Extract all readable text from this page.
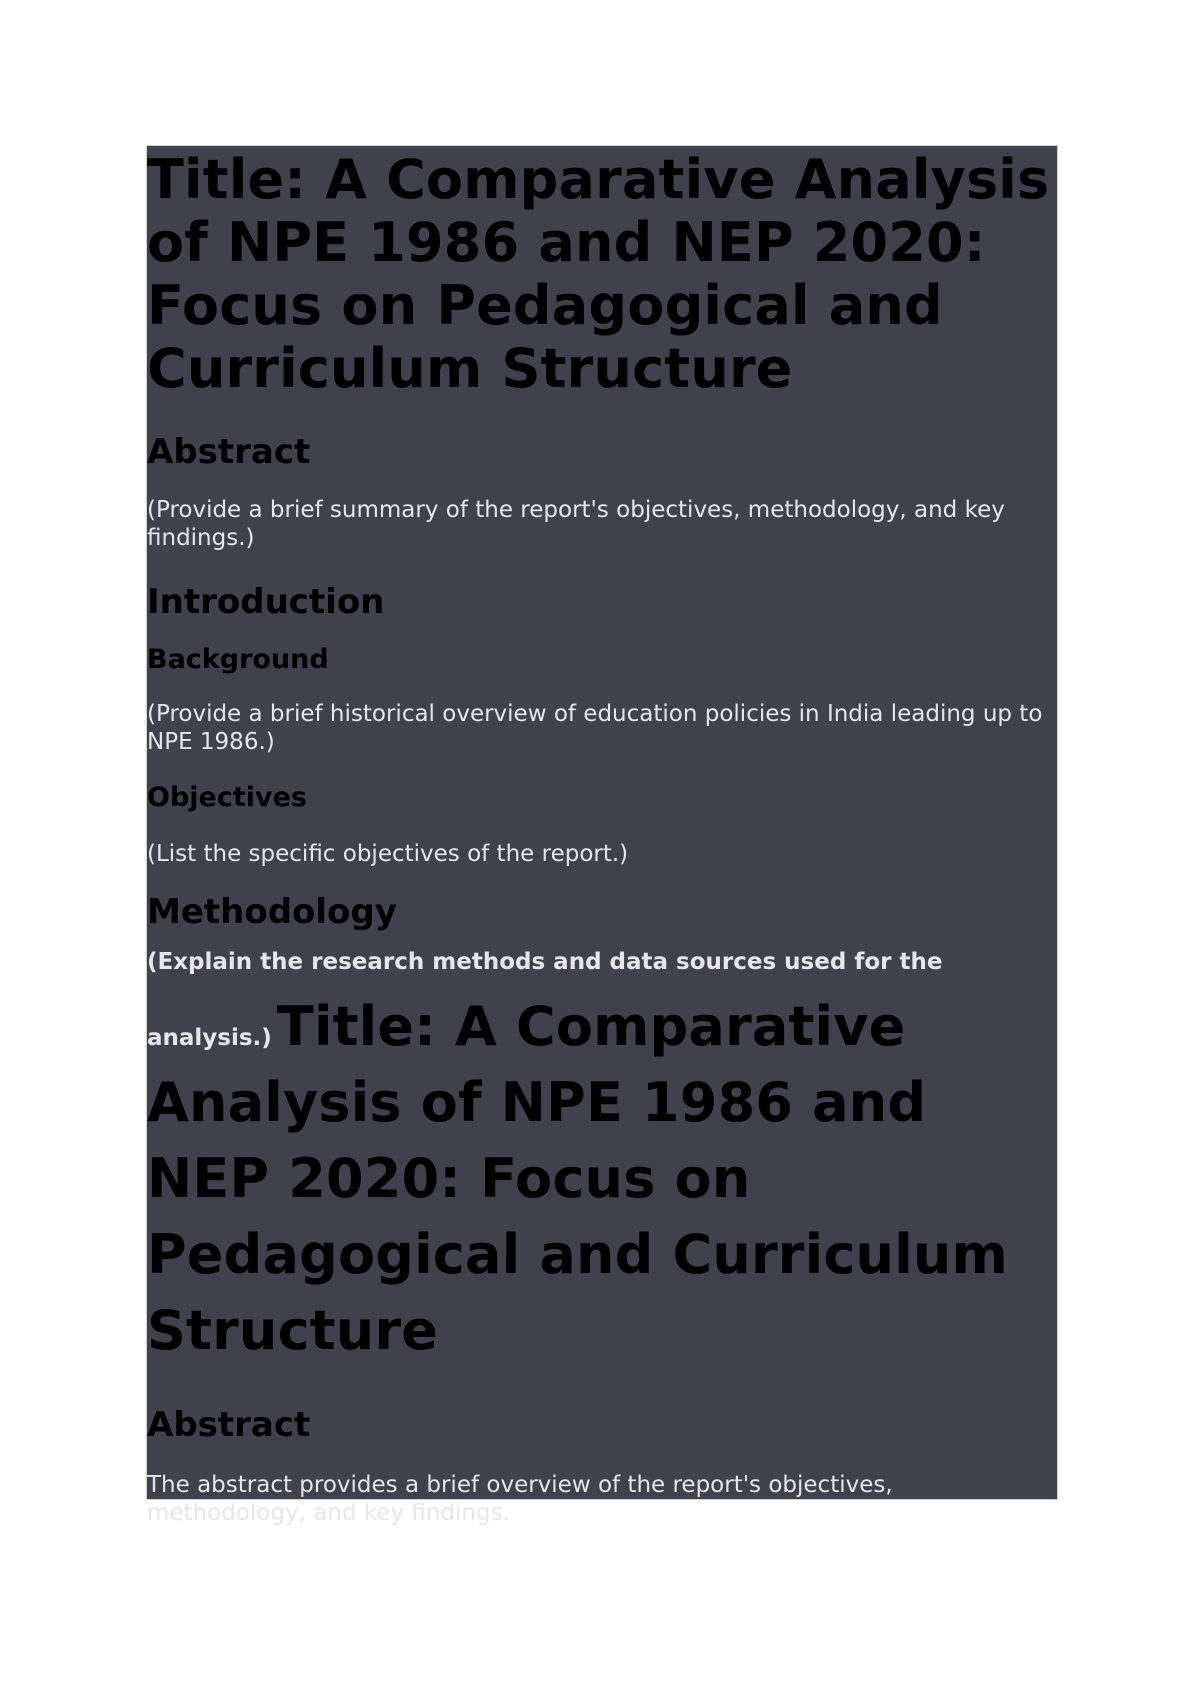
Title: A Comparative Analysis of NPE 1986 and NEP 2020: Focus on Pedagogical and Curriculum Structure
Abstract

(Provide a brief summary of the report's objectives, methodology, and key findings.)

Introduction
Background

(Provide a brief historical overview of education policies in India leading up to NPE 1986.)

Objectives

(List the specific objectives of the report.)

Methodology
(Explain the research methods and data sources used for the analysis.) Title: A Comparative Analysis of NPE 1986 and NEP 2020: Focus on Pedagogical and Curriculum Structure
Abstract

The abstract provides a brief overview of the report's objectives, methodology, and key findings.
